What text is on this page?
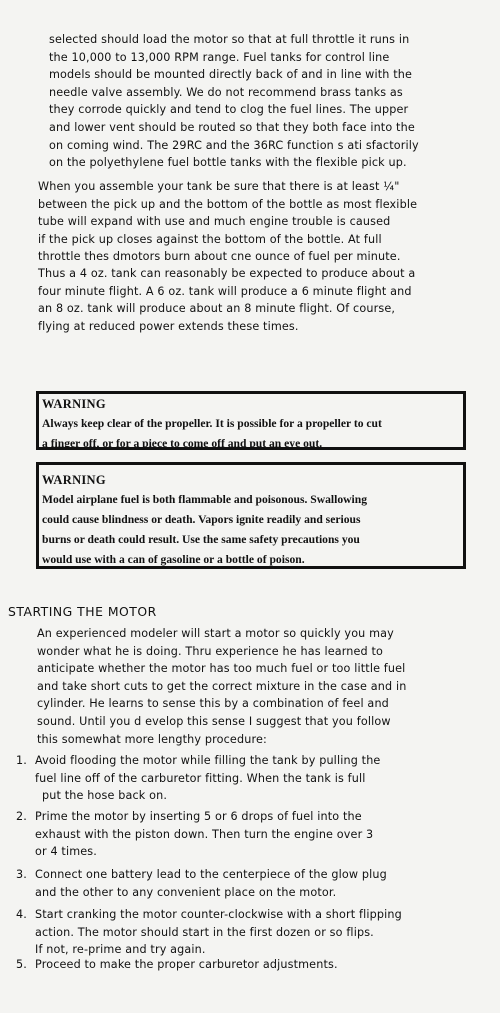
selected should load the motor so that at full throttle it runs in
the 10,000 to 13,000 RPM range. Fuel tanks for control line
models should be mounted directly back of and in line with the
needle valve assembly. We do not recommend brass tanks as
they corrode quickly and tend to clog the fuel lines. The upper
and lower vent should be routed so that they both face into the
on coming wind. The 29RC and the 36RC function s ati sfactorily
on the polyethylene fuel bottle tanks with the flexible pick up.

When you assemble your tank be sure that there is at least ¼"
between the pick up and the bottom of the bottle as most flexible
tube will expand with use and much engine trouble is caused
if the pick up closes against the bottom of the bottle. At full
throttle thes dmotors burn about cne ounce of fuel per minute.

Thus a 4 oz. tank can reasonably be expected to produce about a
four minute flight. A 6 oz. tank will produce a 6 minute flight and
an 8 oz. tank will produce about an 8 minute flight. Of course,
flying at reduced power extends these times.

WARNING
Always keep clear of the propeller. It is possible for a propeller to cut
a finger off, or for a piece to come off and put an eye out.
WARNING
Model airplane fuel is both flammable and poisonous. Swallowing
could cause blindness or death. Vapors ignite readily and serious
burns or death could result. Use the same safety precautions you
would use with a can of gasoline or a bottle of poison.
STARTING THE MOTOR

An experienced modeler will start a motor so quickly you may
wonder what he is doing. Thru experience he has learned to
anticipate whether the motor has too much fuel or too little fuel
and take short cuts to get the correct mixture in the case and in
cylinder. He learns to sense this by a combination of feel and
sound. Until you d evelop this sense I suggest that you follow
this somewhat more lengthy procedure:

1. Avoid flooding the motor while filling the tank by pulling the
fuel line off of the carburetor fitting. When the tank is full
put the hose back on.
2. Prime the motor by inserting 5 or 6 drops of fuel into the
exhaust with the piston down. Then turn the engine over 3
or 4 times.
3. Connect one battery lead to the centerpiece of the glow plug
and the other to any convenient place on the motor.
4. Start cranking the motor counter-clockwise with a short flipping
action. The motor should start in the first dozen or so flips.
If not, re-prime and try again.
5. Proceed to make the proper carburetor adjustments.
